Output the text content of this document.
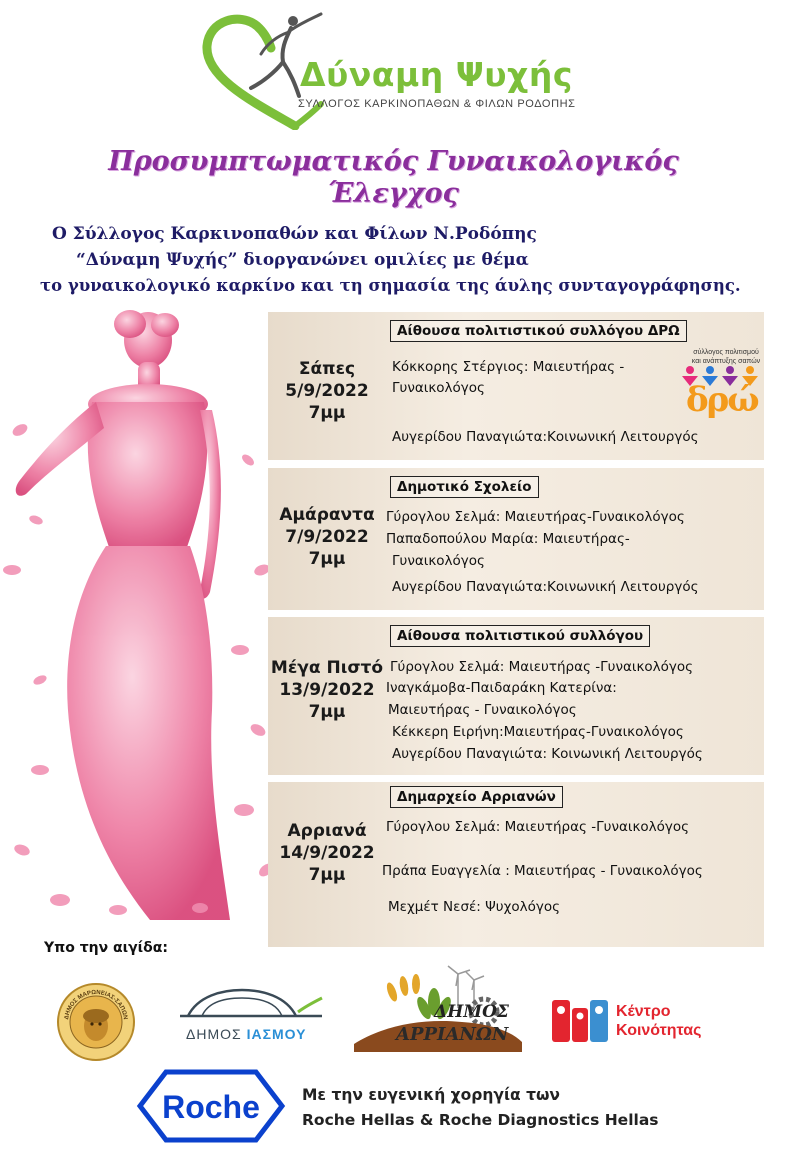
Δύναμη Ψυχής
ΣΥΛΛΟΓΟΣ ΚΑΡΚΙΝΟΠΑΘΩΝ & ΦΙΛΩΝ ΡΟΔΟΠΗΣ
Προσυμπτωματικός Γυναικολογικός
Έλεγχος
Ο Σύλλογος Καρκινοπαθών και Φίλων Ν.Ροδόπης
“Δύναμη Ψυχής” διοργανώνει ομιλίες με θέμα
το γυναικολογικό καρκίνο και τη σημασία της άυλης συνταγογράφησης.
Σάπες
5/9/2022
7μμ
Αίθουσα πολιτιστικού συλλόγου ΔΡΩ
Κόκκορης Στέργιος: Μαιευτήρας -
Γυναικολόγος
Αυγερίδου Παναγιώτα:Κοινωνική Λειτουργός
σύλλογος πολιτισμού
και ανάπτυξης σαπών
δρώ
Αμάραντα
7/9/2022
7μμ
Δημοτικό Σχολείο
Γύρογλου Σελμά: Μαιευτήρας-Γυναικολόγος
Παπαδοπούλου Μαρία: Μαιευτήρας-
Γυναικολόγος
Αυγερίδου Παναγιώτα:Κοινωνική Λειτουργός
Μέγα Πιστό
13/9/2022
7μμ
Αίθουσα πολιτιστικού συλλόγου
Γύρογλου Σελμά: Μαιευτήρας -Γυναικολόγος
Ιναγκάμοβα-Παιδαράκη Κατερίνα:
Μαιευτήρας - Γυναικολόγος
Κέκκερη Ειρήνη:Μαιευτήρας-Γυναικολόγος
Αυγερίδου Παναγιώτα: Κοινωνική Λειτουργός
Αρριανά
14/9/2022
7μμ
Δημαρχείο Αρριανών
Γύρογλου Σελμά: Μαιευτήρας -Γυναικολόγος
Πράπα Ευαγγελία : Μαιευτήρας - Γυναικολόγος
Μεχμέτ Νεσέ: Ψυχολόγος
Υπο την αιγίδα:
ΔΗΜΟΣ ΜΑΡΩΝΕΙΑΣ-ΣΑΠΩΝ
ΔΗΜΟΣ ΙΑΣΜΟΥ
ΔΗΜΟΣ
ΑΡΡΙΑΝΩΝ
Κέντρο
Κοινότητας
Roche	Με την ευγενική χορηγία των
Roche Hellas & Roche Diagnostics Hellas
